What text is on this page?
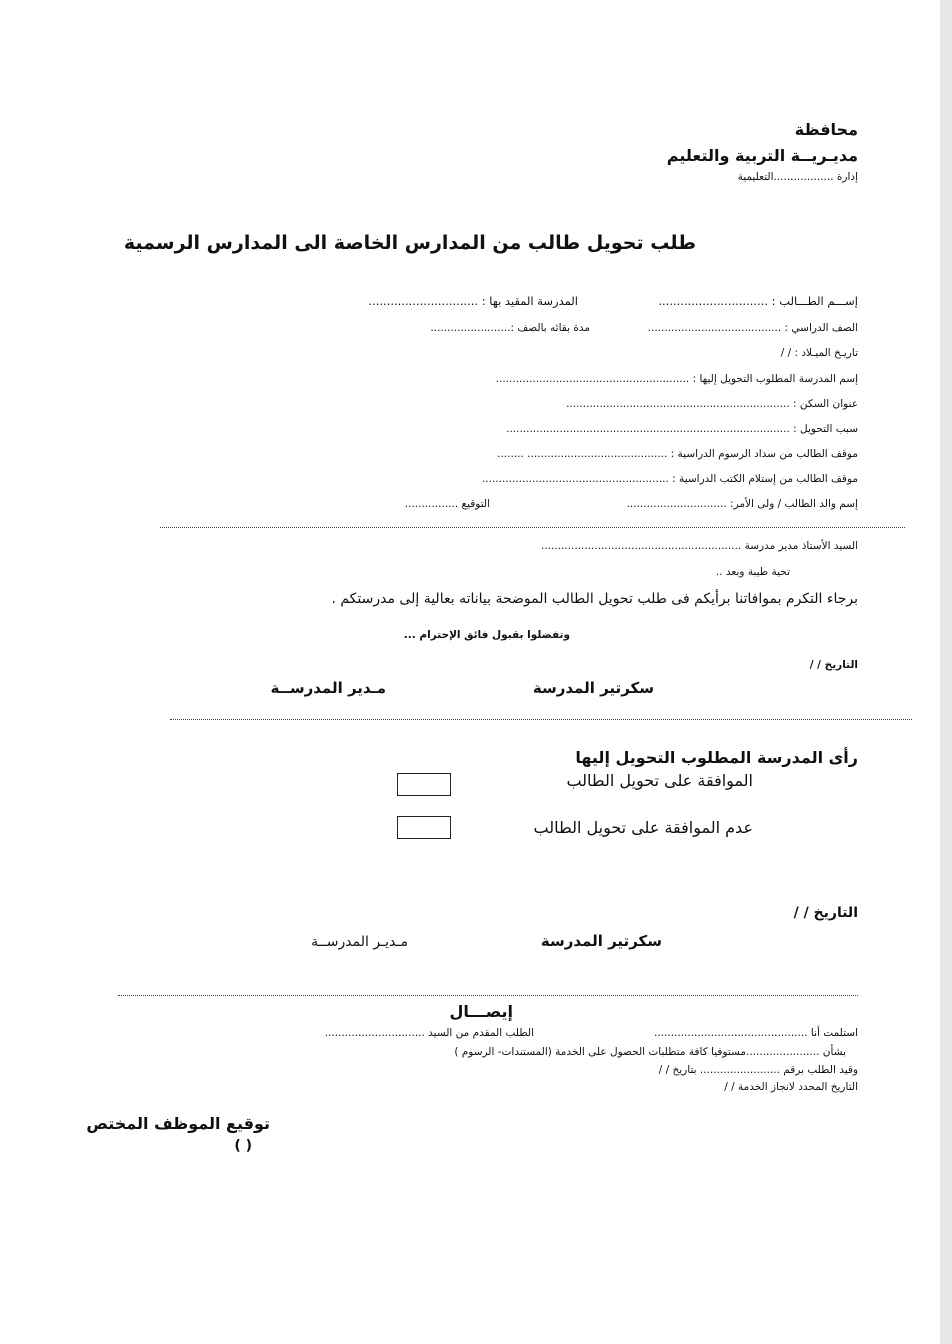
محافظة
مديـريــة التربية والتعليم
إدارة ..................التعليمية
طلب تحويل طالب من المدارس الخاصة الى المدارس الرسمية
إســـم الطـــالب : ..............................
المدرسة المقيد بها : ..............................
الصف الدراسي : ........................................
مدة بقائه بالصف :........................
تاريـخ الميـلاد : / /
إسم المدرسة المطلوب التحويل إليها : ..........................................................
عنوان السكن : ...................................................................
سبب التحويل : .....................................................................................
موقف الطالب من سداد الرسوم الدراسية : .......................................... ........
موقف الطالب من إستلام الكتب الدراسية : ........................................................
إسم والد الطالب / ولى الأمر: ..............................
التوقيع ................
السيد الأستاذ مدير مدرسة ............................................................
تحية طيبة وبعد ..
برجاء التكرم بموافاتنا برأيكم فى طلب تحويل الطالب الموضحة بياناته بعالية إلى مدرستكم .
وتفضلوا بقبول فائق الإحترام ...
التاريخ / /
سكرتير المدرسة
مـدير المدرســة
رأى المدرسة المطلوب التحويل إليها
الموافقة على تحويل الطالب
عدم الموافقة على تحويل الطالب
التاريخ / /
سكرتير المدرسة
مـديـر المدرســة
إيصـــال
استلمت أنا ..............................................
الطلب المقدم من السيد ..............................
بشأن ......................مستوفيا كافة متطلبات الحصول على الخدمة (المستندات- الرسوم )
وقيد الطلب برقم ........................ بتاريخ / /
التاريخ المحدد لانجاز الخدمة / /
توقيع الموظف المختص
( )
